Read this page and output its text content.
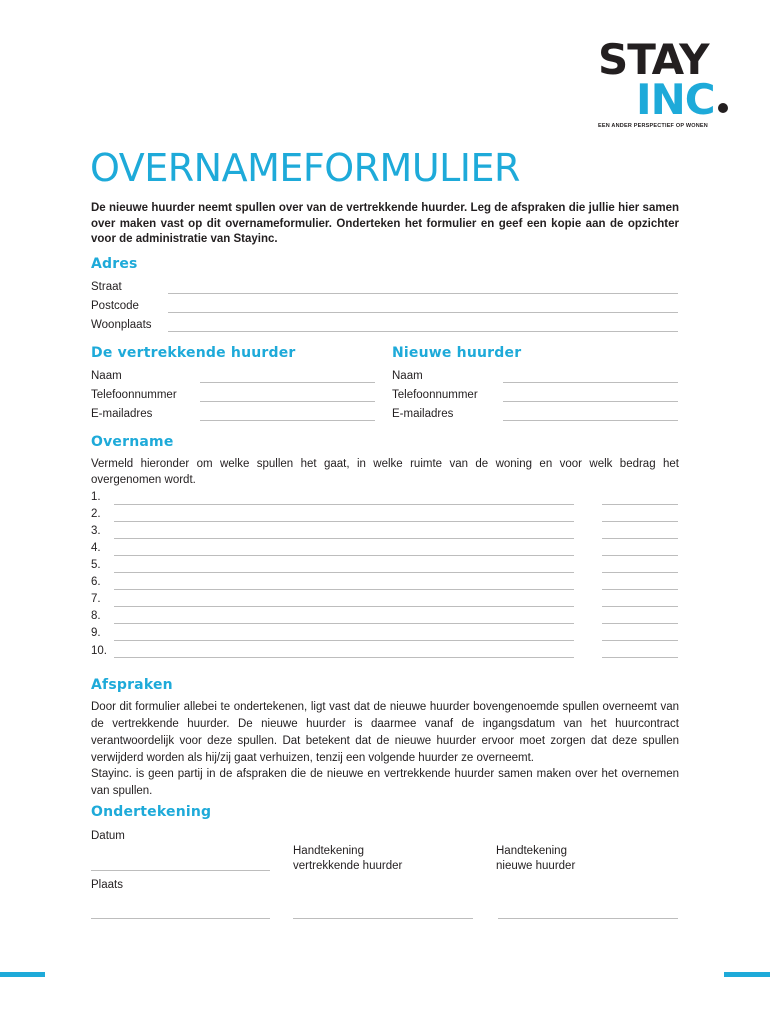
STAY
INC
EEN ANDER PERSPECTIEF OP WONEN
OVERNAMEFORMULIER
De nieuwe huurder neemt spullen over van de vertrekkende huurder. Leg de afspraken die jullie hier samen over maken vast op dit overnameformulier. Onderteken het formulier en geef een kopie aan de opzichter voor de administratie van Stayinc.
Adres
Straat
Postcode
Woonplaats
De vertrekkende huurder
Naam
Telefoonnummer
E-mailadres
Nieuwe huurder
Naam
Telefoonnummer
E-mailadres
Overname
Vermeld hieronder om welke spullen het gaat, in welke ruimte van de woning en voor welk bedrag het overgenomen wordt.
1.
2.
3.
4.
5.
6.
7.
8.
9.
10.
Afspraken
Door dit formulier allebei te ondertekenen, ligt vast dat de nieuwe huurder bovengenoemde spullen overneemt van de vertrekkende huurder. De nieuwe huurder is daarmee vanaf de ingangsdatum van het huurcontract verantwoordelijk voor deze spullen. Dat betekent dat de nieuwe huurder ervoor moet zorgen dat deze spullen verwijderd worden als hij/zij gaat verhuizen, tenzij een volgende huurder ze overneemt.
Stayinc. is geen partij in de afspraken die de nieuwe en vertrekkende huurder samen maken over het overnemen van spullen.
Ondertekening
Datum
Plaats
Handtekening
vertrekkende huurder
Handtekening
nieuwe huurder
